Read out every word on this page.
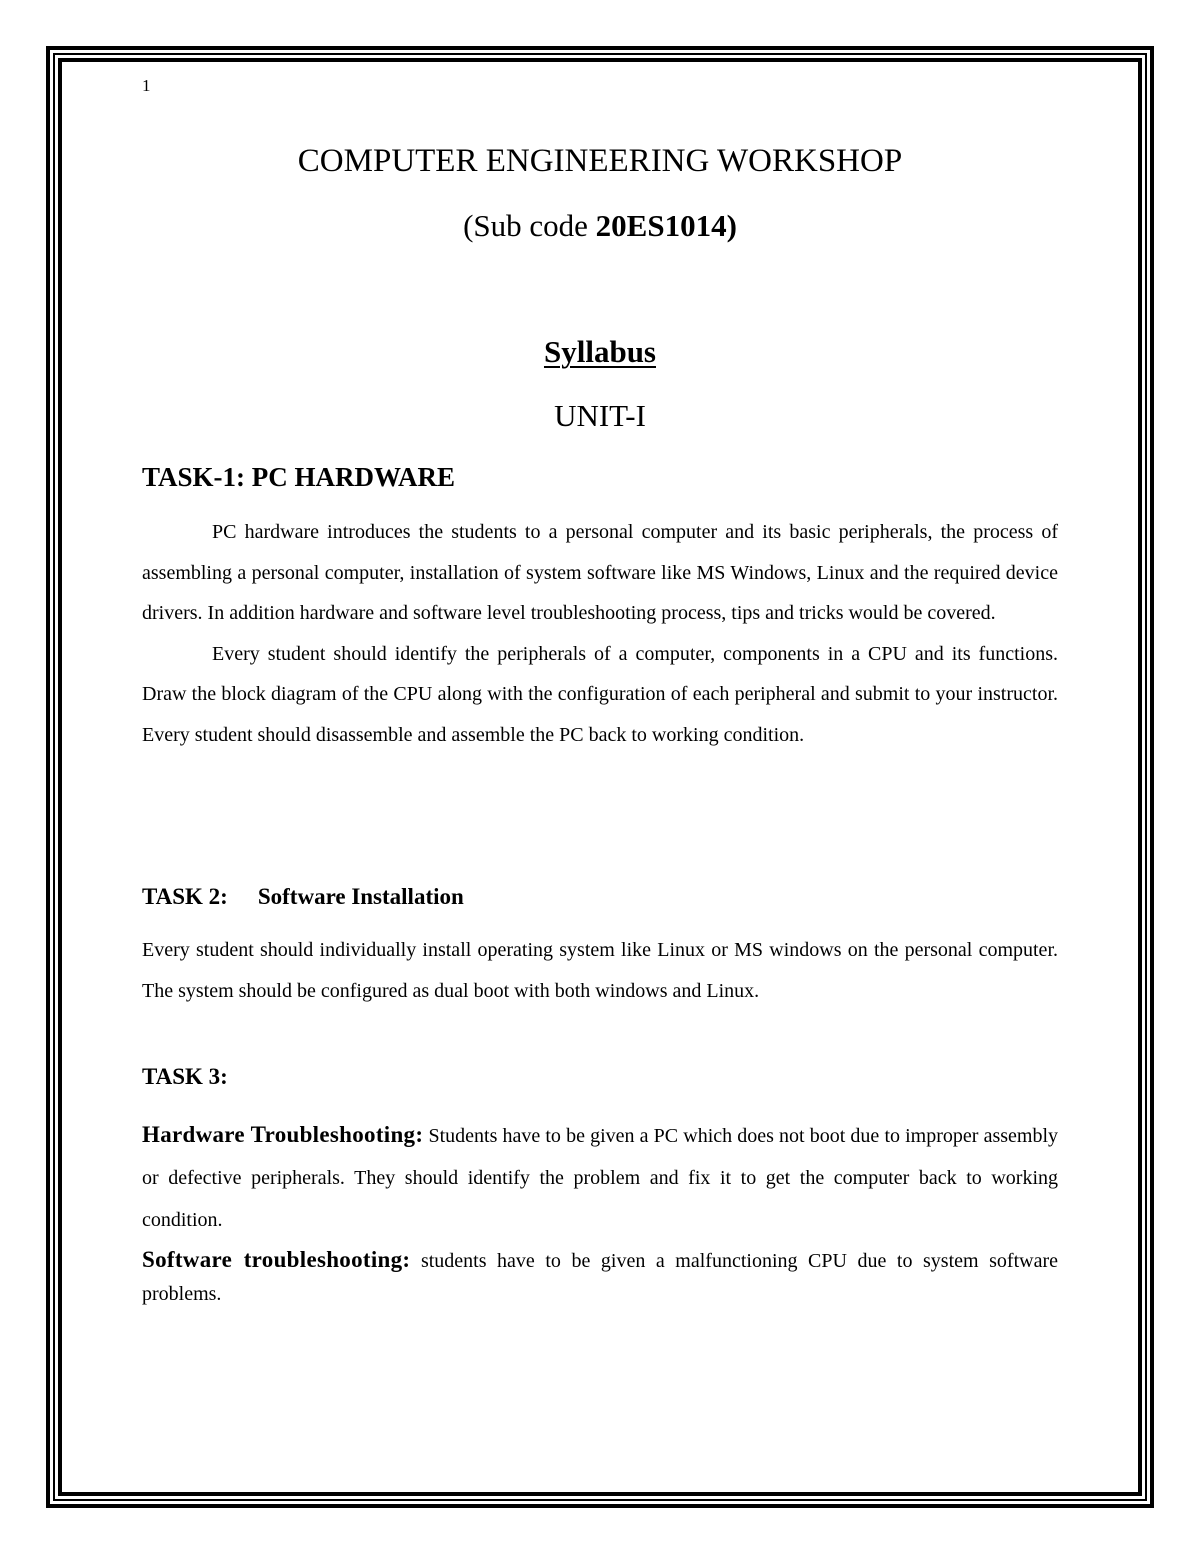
1
COMPUTER ENGINEERING WORKSHOP
(Sub code 20ES1014)
Syllabus
UNIT-I
TASK-1: PC HARDWARE

PC hardware introduces the students to a personal computer and its basic peripherals, the process of assembling a personal computer, installation of system software like MS Windows, Linux and the required device drivers. In addition hardware and software level troubleshooting process, tips and tricks would be covered.

Every student should identify the peripherals of a computer, components in a CPU and its functions. Draw the block diagram of the CPU along with the configuration of each peripheral and submit to your instructor. Every student should disassemble and assemble the PC back to working condition.

TASK 2: Software Installation

Every student should individually install operating system like Linux or MS windows on the personal computer. The system should be configured as dual boot with both windows and Linux.

TASK 3:

Hardware Troubleshooting: Students have to be given a PC which does not boot due to improper assembly or defective peripherals. They should identify the problem and fix it to get the computer back to working condition.

Software troubleshooting: students have to be given a malfunctioning CPU due to system software problems.
